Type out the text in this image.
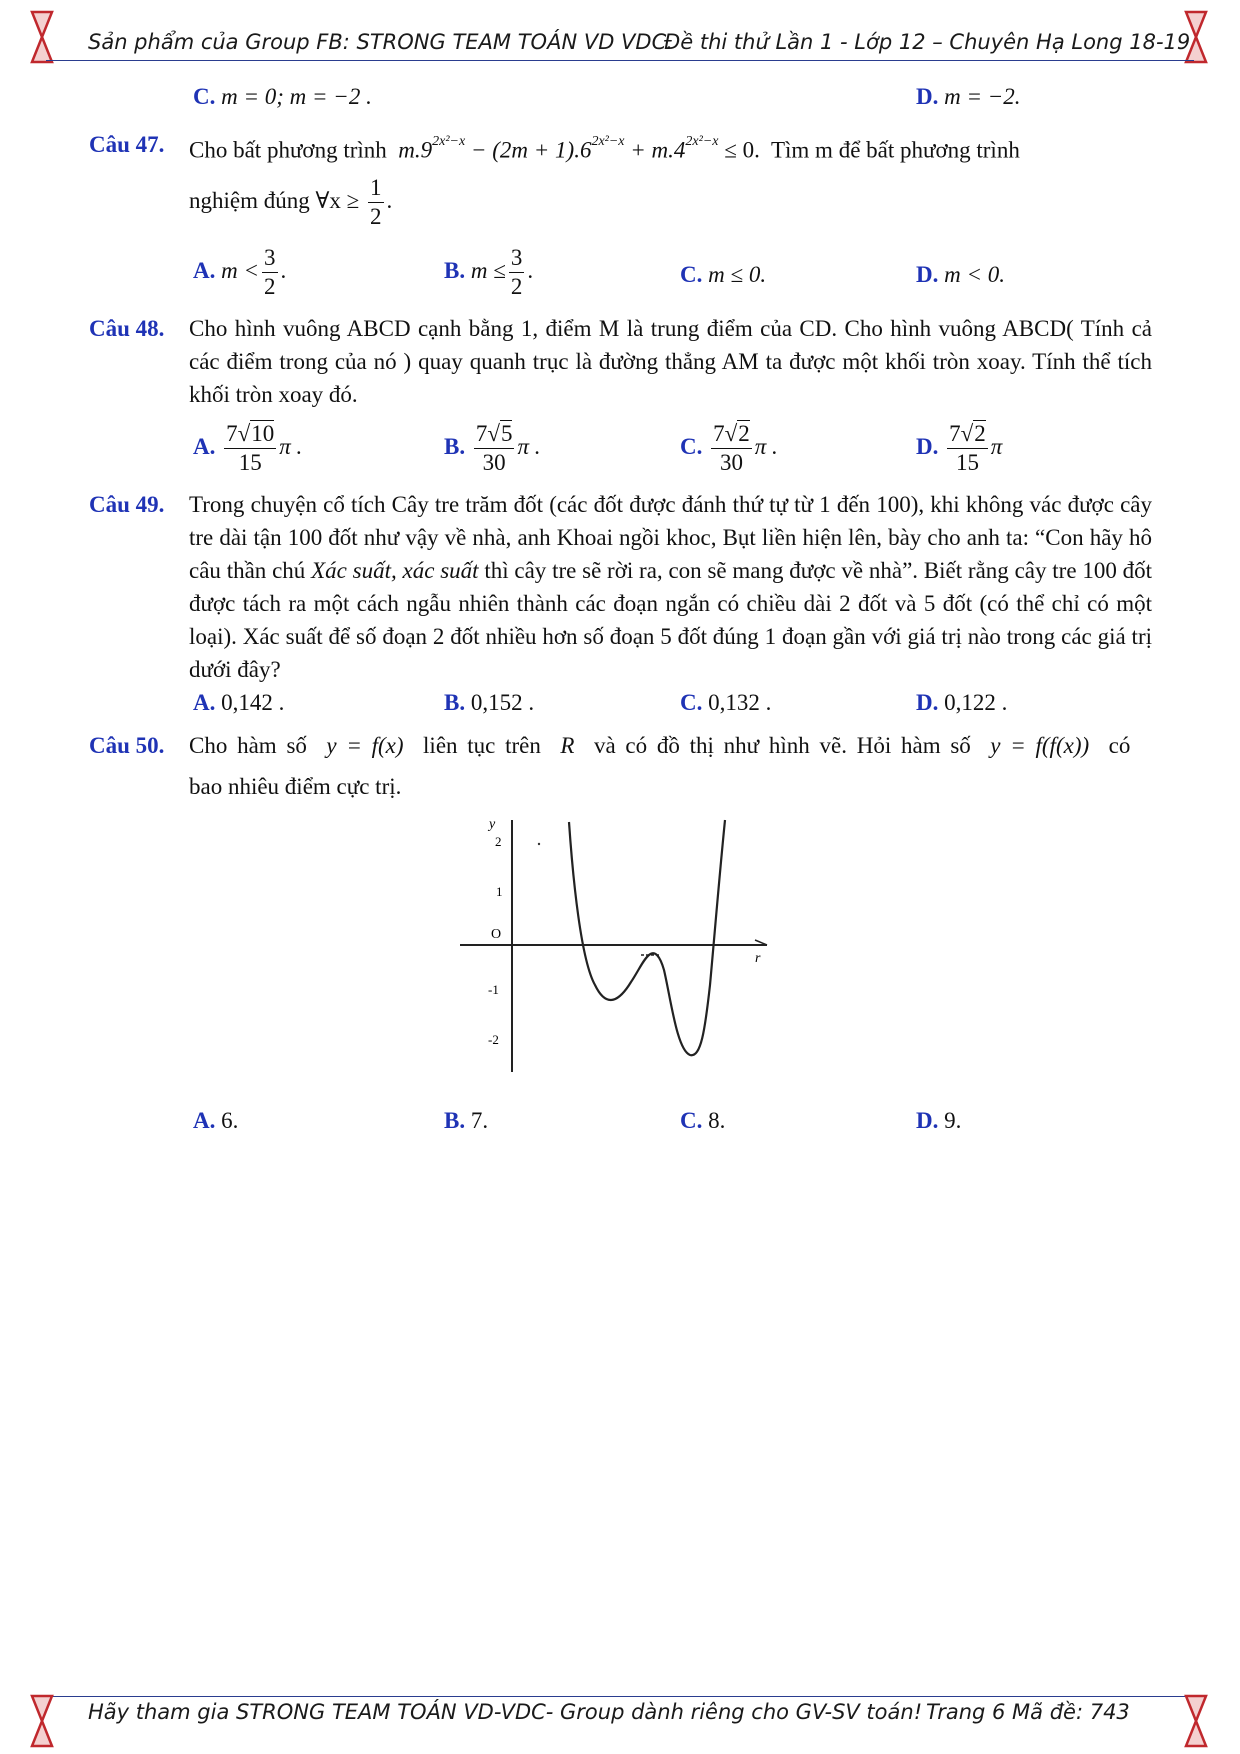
Sản phẩm của Group FB: STRONG TEAM TOÁN VD VDC.
Đề thi thử Lần 1 - Lớp 12 – Chuyên Hạ Long 18-19
C. m = 0; m = −2 .	D. m = −2.
Câu 47. Cho bất phương trình $m.9^{2x^2-x} - (2m + 1).6^{2x^2-x} + m.4^{2x^2-x} \le 0$. Tìm m để bất phương trình
nghiệm đúng ∀x ≥ $\frac{1}{2}$ .
A. $m < \frac{3}{2}$ .	B. $m \le \frac{3}{2}$ .	C. m ≤ 0.	D. m < 0.
Câu 48. Cho hình vuông ABCD cạnh bằng 1, điểm M là trung điểm của CD. Cho hình vuông ABCD( Tính cả các điểm trong của nó ) quay quanh trục là đường thẳng AM ta được một khối tròn xoay. Tính thể tích khối tròn xoay đó.
A. $\frac{7√10}{15}$ π .	B. $\frac{7√5}{30}$ π .	C. $\frac{7√2}{30}$ π .	D. $\frac{7√2}{15}$ π
Câu 49. Trong chuyện cổ tích Cây tre trăm đốt (các đốt được đánh thứ tự từ 1 đến 100), khi không vác được cây tre dài tận 100 đốt như vậy về nhà, anh Khoai ngồi khoc, Bụt liền hiện lên, bày cho anh ta: “Con hãy hô câu thần chú Xác suất, xác suất thì cây tre sẽ rời ra, con sẽ mang được về nhà”. Biết rằng cây tre 100 đốt được tách ra một cách ngẫu nhiên thành các đoạn ngắn có chiều dài 2 đốt và 5 đốt (có thể chỉ có một loại). Xác suất để số đoạn 2 đốt nhiều hơn số đoạn 5 đốt đúng 1 đoạn gần với giá trị nào trong các giá trị dưới đây?
A. 0,142 .	B. 0,152 .	C. 0,132 .	D. 0,122 .
Câu 50. Cho hàm số y = f(x) liên tục trên R và có đồ thị như hình vẽ. Hỏi hàm số y = f(f(x)) có
bao nhiêu điểm cực trị.
r
y
O
2
1
-1
-2
A. 6.	B. 7.	C. 8.	D. 9.
Hãy tham gia STRONG TEAM TOÁN VD-VDC- Group dành riêng cho GV-SV toán! Trang 6 Mã đề: 743
